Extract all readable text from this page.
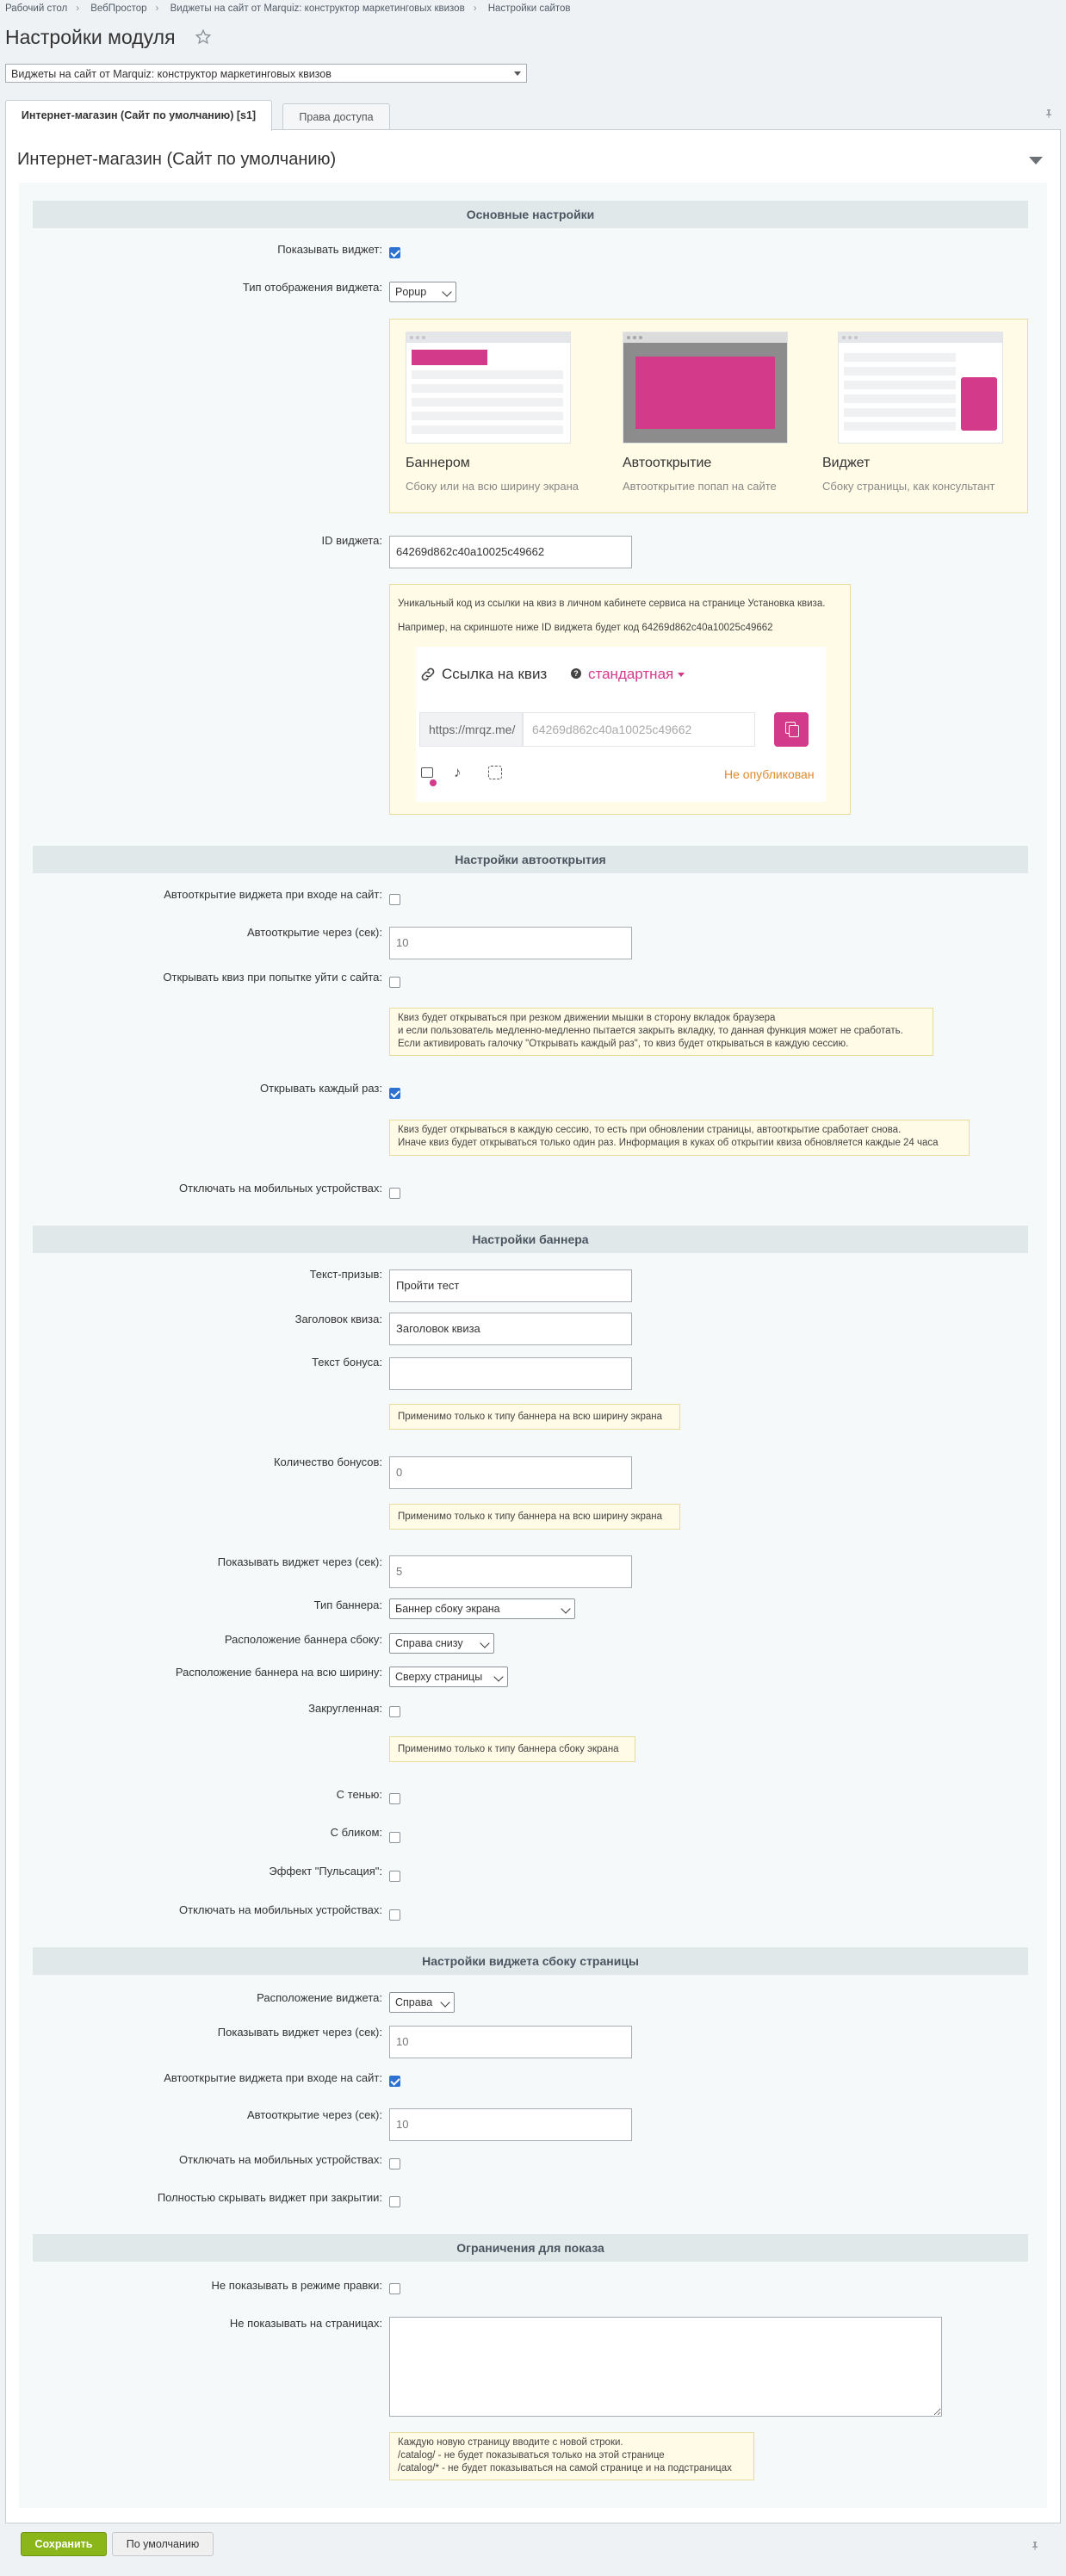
Рабочий стол › ВебПростор › Виджеты на сайт от Marquiz: конструктор маркетинговых квизов › Настройки сайтов
Настройки модуля
Виджеты на сайт от Marquiz: конструктор маркетинговых квизов
Права доступа
Интернет-магазин (Сайт по умолчанию) [s1]
Интернет-магазин (Сайт по умолчанию)
Основные настройки
Показывать виджет:
Тип отображения виджета:	Popup
Баннером
Сбоку или на всю ширину экрана
Автооткрытие
Автооткрытие попап на сайте
Виджет
Сбоку страницы, как консультант
ID виджета:
64269d862c40a10025c49662
Уникальный код из ссылки на квиз в личном кабинете сервиса на странице Установка квиза.
Например, на скриншоте ниже ID виджета будет код 64269d862c40a10025c49662
Ссылка на квиз	? стандартная
https://mrqz.me/	64269d862c40a10025c49662
♪	Не опубликован
Настройки автооткрытия
Автооткрытие виджета при входе на сайт:
Автооткрытие через (сек):
10
Открывать квиз при попытке уйти с сайта:
Квиз будет открываться при резком движении мышки в сторону вкладок браузера
и если пользователь медленно-медленно пытается закрыть вкладку, то данная функция может не сработать.
Если активировать галочку "Открывать каждый раз", то квиз будет открываться в каждую сессию.
Открывать каждый раз:
Квиз будет открываться в каждую сессию, то есть при обновлении страницы, автооткрытие сработает снова.
Иначе квиз будет открываться только один раз. Информация в куках об открытии квиза обновляется каждые 24 часа
Отключать на мобильных устройствах:
Настройки баннера
Текст-призыв:
Пройти тест
Заголовок квиза:
Заголовок квиза
Текст бонуса:
Применимо только к типу баннера на всю ширину экрана
Количество бонусов:
0
Применимо только к типу баннера на всю ширину экрана
Показывать виджет через (сек):
5
Тип баннера:	Баннер сбоку экрана
Расположение баннера сбоку:	Справа снизу
Расположение баннера на всю ширину:	Сверху страницы
Закругленная:
Применимо только к типу баннера сбоку экрана
С тенью:
С бликом:
Эффект "Пульсация":
Отключать на мобильных устройствах:
Настройки виджета сбоку страницы
Расположение виджета:	Справа
Показывать виджет через (сек):
10
Автооткрытие виджета при входе на сайт:
Автооткрытие через (сек):
10
Отключать на мобильных устройствах:
Полностью скрывать виджет при закрытии:
Ограничения для показа
Не показывать в режиме правки:
Не показывать на страницах:
Каждую новую страницу вводите с новой строки.
/catalog/ - не будет показываться только на этой странице
/catalog/* - не будет показываться на самой странице и на подстраницах
Сохранить	По умолчанию
